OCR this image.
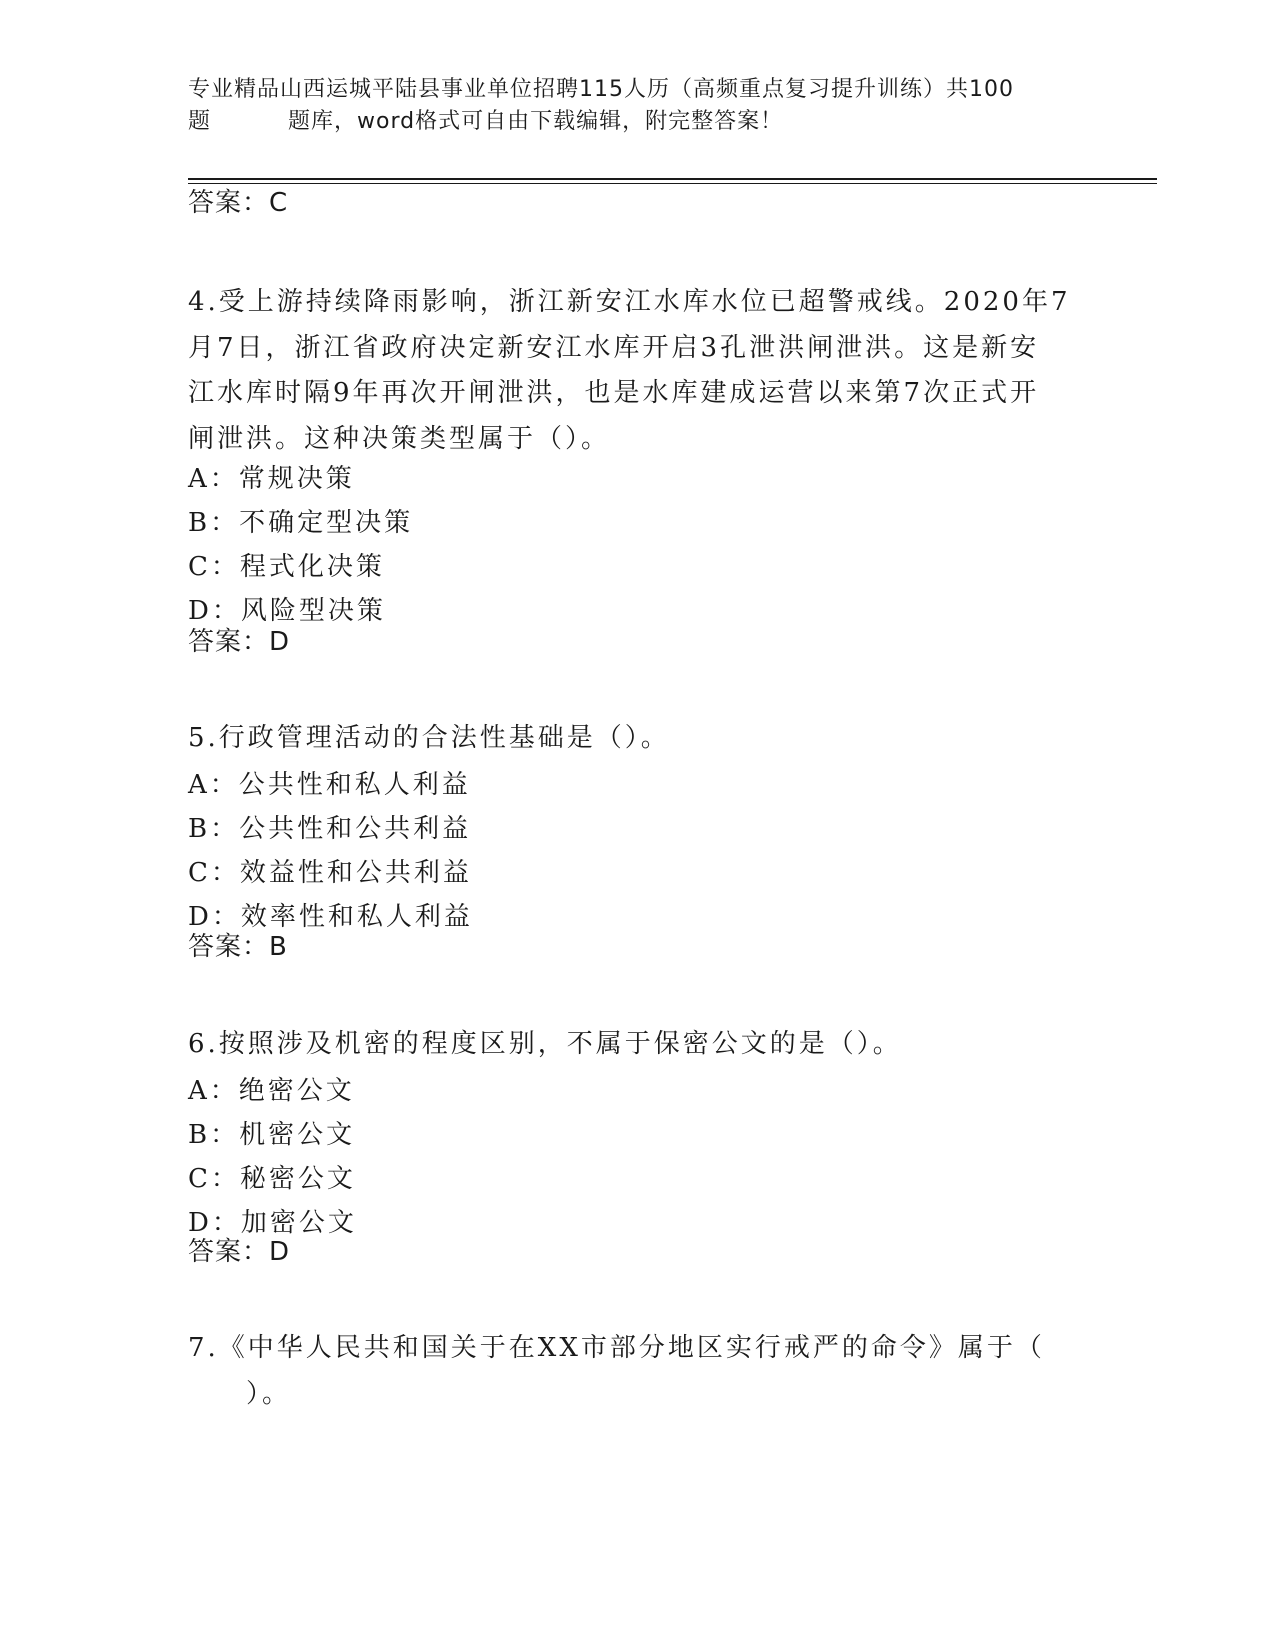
专业精品山西运城平陆县事业单位招聘115人历（高频重点复习提升训练）共100
题	题库，word格式可自由下载编辑，附完整答案！
答案：C
4.受上游持续降雨影响，浙江新安江水库水位已超警戒线。2020年7
月7日，浙江省政府决定新安江水库开启3孔泄洪闸泄洪。这是新安
江水库时隔9年再次开闸泄洪，也是水库建成运营以来第7次正式开
闸泄洪。这种决策类型属于（）。
A：常规决策
B：不确定型决策
C：程式化决策
D：风险型决策
答案：D
5.行政管理活动的合法性基础是（）。
A：公共性和私人利益
B：公共性和公共利益
C：效益性和公共利益
D：效率性和私人利益
答案：B
6.按照涉及机密的程度区别，不属于保密公文的是（）。
A：绝密公文
B：机密公文
C：秘密公文
D：加密公文
答案：D
7.《中华人民共和国关于在XX市部分地区实行戒严的命令》属于（
）。
